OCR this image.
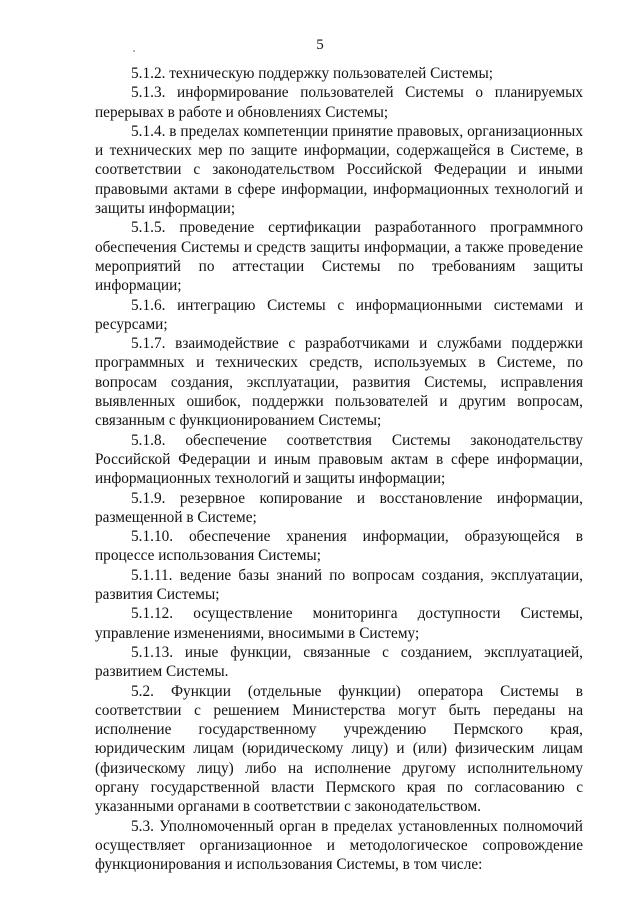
5

5.1.2. техническую поддержку пользователей Системы;

5.1.3. информирование пользователей Системы о планируемых перерывах в работе и обновлениях Системы;

5.1.4. в пределах компетенции принятие правовых, организационных и технических мер по защите информации, содержащейся в Системе, в соответствии с законодательством Российской Федерации и иными правовыми актами в сфере информации, информационных технологий и защиты информации;

5.1.5. проведение сертификации разработанного программного обеспечения Системы и средств защиты информации, а также проведение мероприятий по аттестации Системы по требованиям защиты информации;

5.1.6. интеграцию Системы с информационными системами и ресурсами;

5.1.7. взаимодействие с разработчиками и службами поддержки программных и технических средств, используемых в Системе, по вопросам создания, эксплуатации, развития Системы, исправления выявленных ошибок, поддержки пользователей и другим вопросам, связанным с функционированием Системы;

5.1.8. обеспечение соответствия Системы законодательству Российской Федерации и иным правовым актам в сфере информации, информационных технологий и защиты информации;

5.1.9. резервное копирование и восстановление информации, размещенной в Системе;

5.1.10. обеспечение хранения информации, образующейся в процессе использования Системы;

5.1.11. ведение базы знаний по вопросам создания, эксплуатации, развития Системы;

5.1.12. осуществление мониторинга доступности Системы, управление изменениями, вносимыми в Систему;

5.1.13. иные функции, связанные с созданием, эксплуатацией, развитием Системы.

5.2. Функции (отдельные функции) оператора Системы в соответствии с решением Министерства могут быть переданы на исполнение государственному учреждению Пермского края, юридическим лицам (юридическому лицу) и (или) физическим лицам (физическому лицу) либо на исполнение другому исполнительному органу государственной власти Пермского края по согласованию с указанными органами в соответствии с законодательством.

5.3. Уполномоченный орган в пределах установленных полномочий осуществляет организационное и методологическое сопровождение функционирования и использования Системы, в том числе:
